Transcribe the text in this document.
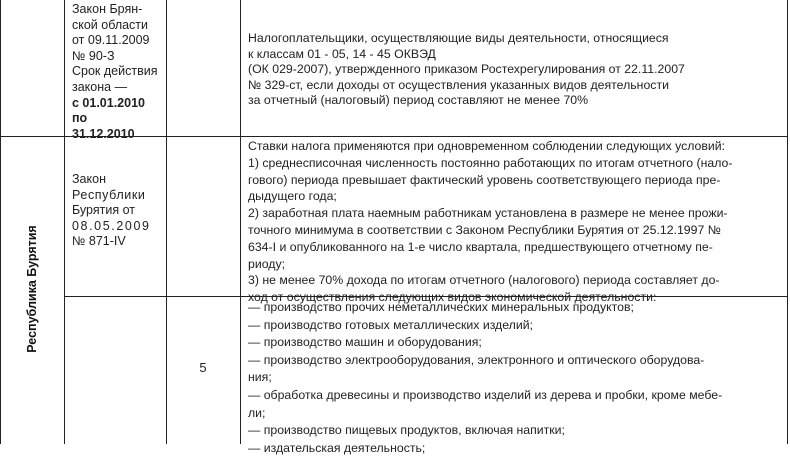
Закон Брян-
ской области
от 09.11.2009
№ 90-З
Срок действия
закона —
с 01.01.2010
по
31.12.2010
Налогоплательщики, осуществляющие виды деятельности, относящиеся
к классам 01 - 05, 14 - 45 ОКВЭД
(ОК 029-2007), утвержденного приказом Ростехрегулирования от 22.11.2007
№ 329-ст, если доходы от осуществления указанных видов деятельности
за отчетный (налоговый) период составляют не менее 70%
Республика Бурятия
Закон
Республики
Бурятия от
08.05.2009
№ 871-IV
Ставки налога применяются при одновременном соблюдении следующих условий:
1) среднесписочная численность постоянно работающих по итогам отчетного (нало-
гового) периода превышает фактический уровень соответствующего периода пре-
дыдущего года;
2) заработная плата наемным работникам установлена в размере не менее прожи-
точного минимума в соответствии с Законом Республики Бурятия от 25.12.1997 №
634-I и опубликованного на 1-е число квартала, предшествующего отчетному пе-
риоду;
3) не менее 70% дохода по итогам отчетного (налогового) периода составляет до-
ход от осуществления следующих видов экономической деятельности:
5
— производство прочих неметаллических минеральных продуктов;
— производство готовых металлических изделий;
— производство машин и оборудования;
— производство электрооборудования, электронного и оптического оборудова-
ния;
— обработка древесины и производство изделий из дерева и пробки, кроме мебе-
ли;
— производство пищевых продуктов, включая напитки;
— издательская деятельность;
